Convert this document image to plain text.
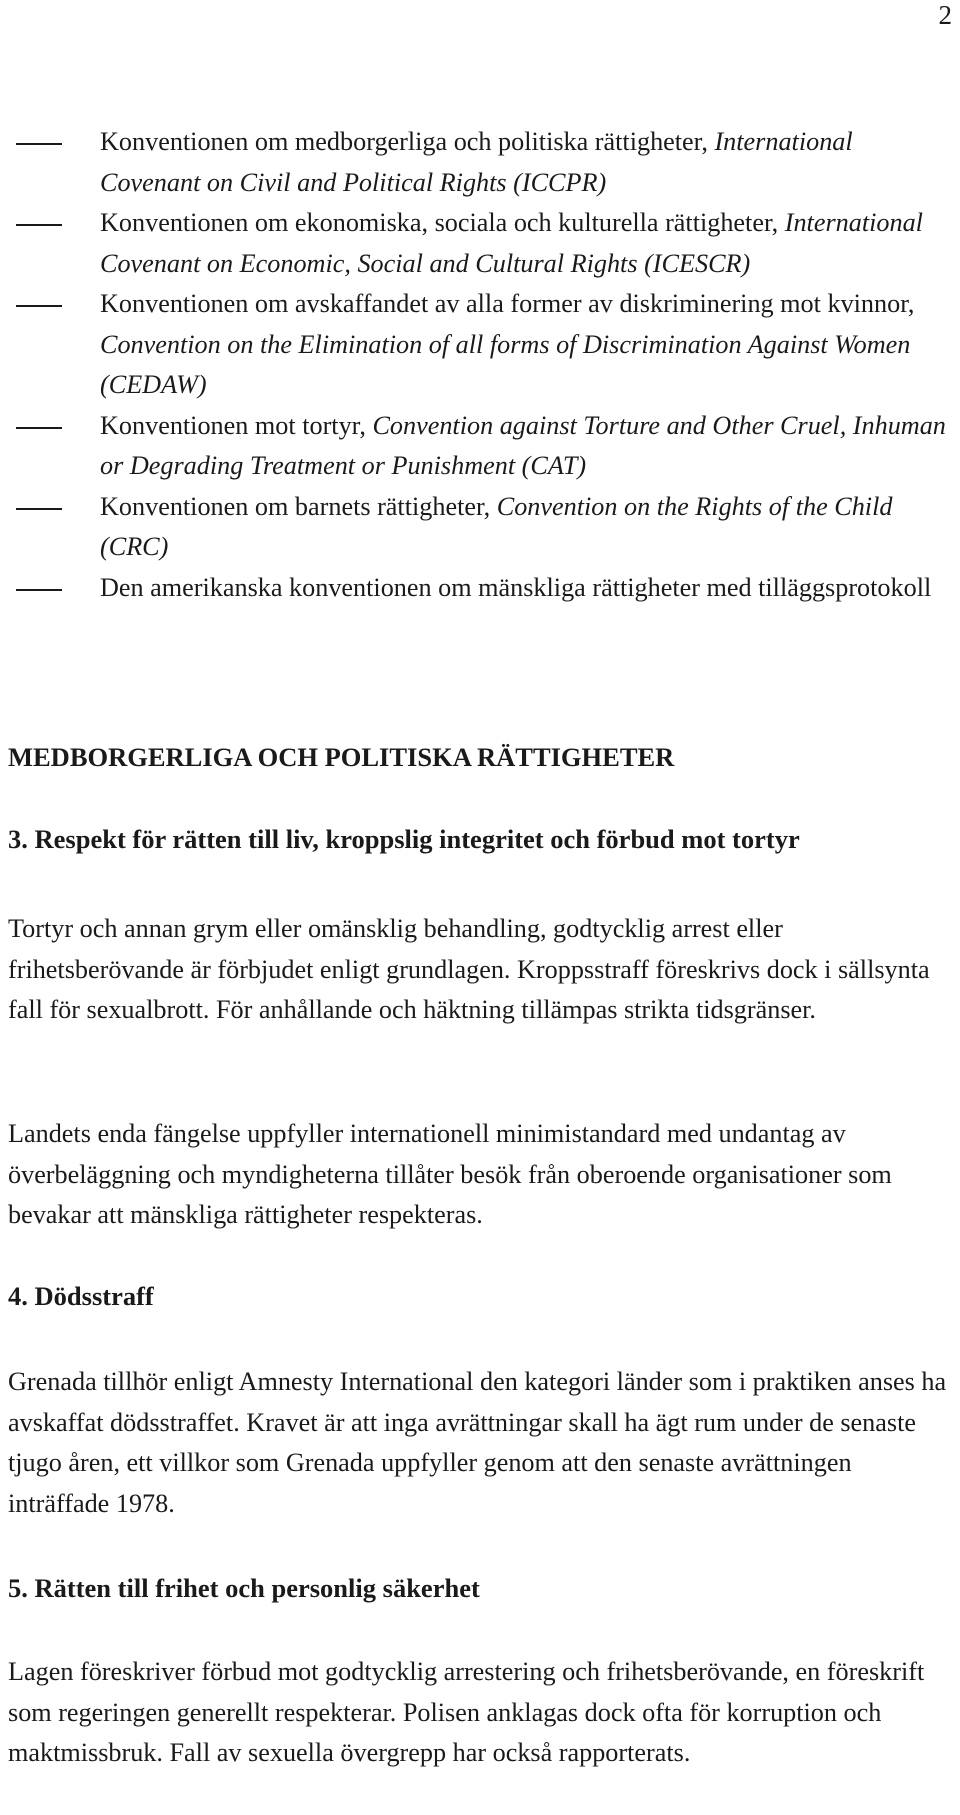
2
Konventionen om medborgerliga och politiska rättigheter, International Covenant on Civil and Political Rights (ICCPR)
Konventionen om ekonomiska, sociala och kulturella rättigheter, International Covenant on Economic, Social and Cultural Rights (ICESCR)
Konventionen om avskaffandet av alla former av diskriminering mot kvinnor, Convention on the Elimination of all forms of Discrimination Against Women (CEDAW)
Konventionen mot tortyr, Convention against Torture and Other Cruel, Inhuman or Degrading Treatment or Punishment (CAT)
Konventionen om barnets rättigheter, Convention on the Rights of the Child (CRC)
Den amerikanska konventionen om mänskliga rättigheter med tilläggsprotokoll
MEDBORGERLIGA OCH POLITISKA RÄTTIGHETER
3. Respekt för rätten till liv, kroppslig integritet och förbud mot tortyr

Tortyr och annan grym eller omänsklig behandling, godtycklig arrest eller frihetsberövande är förbjudet enligt grundlagen. Kroppsstraff föreskrivs dock i sällsynta fall för sexualbrott. För anhållande och häktning tillämpas strikta tidsgränser.

Landets enda fängelse uppfyller internationell minimistandard med undantag av överbeläggning och myndigheterna tillåter besök från oberoende organisationer som bevakar att mänskliga rättigheter respekteras.

4. Dödsstraff

Grenada tillhör enligt Amnesty International den kategori länder som i praktiken anses ha avskaffat dödsstraffet. Kravet är att inga avrättningar skall ha ägt rum under de senaste tjugo åren, ett villkor som Grenada uppfyller genom att den senaste avrättningen inträffade 1978.

5. Rätten till frihet och personlig säkerhet

Lagen föreskriver förbud mot godtycklig arrestering och frihetsberövande, en föreskrift som regeringen generellt respekterar. Polisen anklagas dock ofta för korruption och maktmissbruk. Fall av sexuella övergrepp har också rapporterats.
